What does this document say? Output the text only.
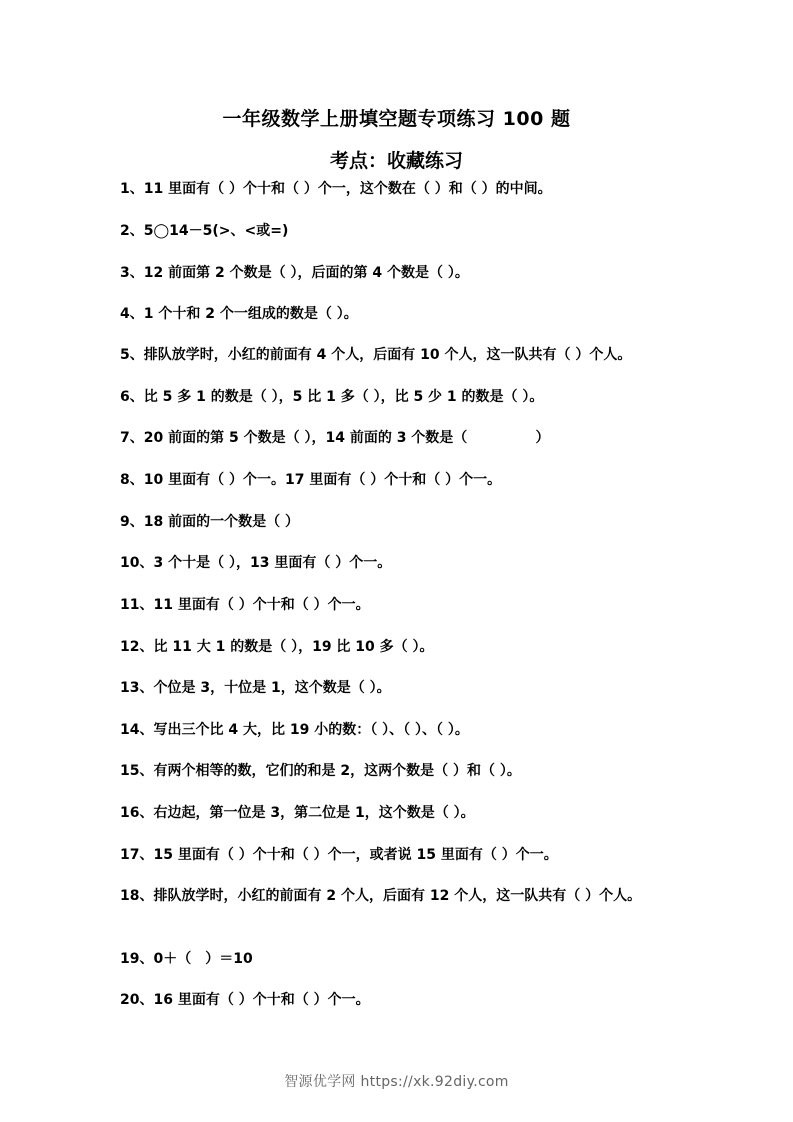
一年级数学上册填空题专项练习 100 题
考点：收藏练习
1、11 里面有（ ）个十和（ ）个一，这个数在（ ）和（ ）的中间。
2、5◯14－5(>、<或=)
3、12 前面第 2 个数是（ ），后面的第 4 个数是（ ）。
4、1 个十和 2 个一组成的数是（ ）。
5、排队放学时，小红的前面有 4 个人，后面有 10 个人，这一队共有（ ）个人。
6、比 5 多 1 的数是（ ），5 比 1 多（ ），比 5 少 1 的数是（ ）。
7、20 前面的第 5 个数是（ ），14 前面的 3 个数是（              ）
8、10 里面有（ ）个一。17 里面有（ ）个十和（ ）个一。
9、18 前面的一个数是（ ）
10、3 个十是（ ），13 里面有（ ）个一。
11、11 里面有（ ）个十和（ ）个一。
12、比 11 大 1 的数是（ ），19 比 10 多（ ）。
13、个位是 3，十位是 1，这个数是（ ）。
14、写出三个比 4 大，比 19 小的数：（ ）、（ ）、（ ）。
15、有两个相等的数，它们的和是 2，这两个数是（ ）和（ ）。
16、右边起，第一位是 3，第二位是 1，这个数是（ ）。
17、15 里面有（ ）个十和（ ）个一，或者说 15 里面有（ ）个一。
18、排队放学时，小红的前面有 2 个人，后面有 12 个人，这一队共有（ ）个人。
19、0＋（　）＝10
20、16 里面有（ ）个十和（ ）个一。
智源优学网 https://xk.92diy.com
